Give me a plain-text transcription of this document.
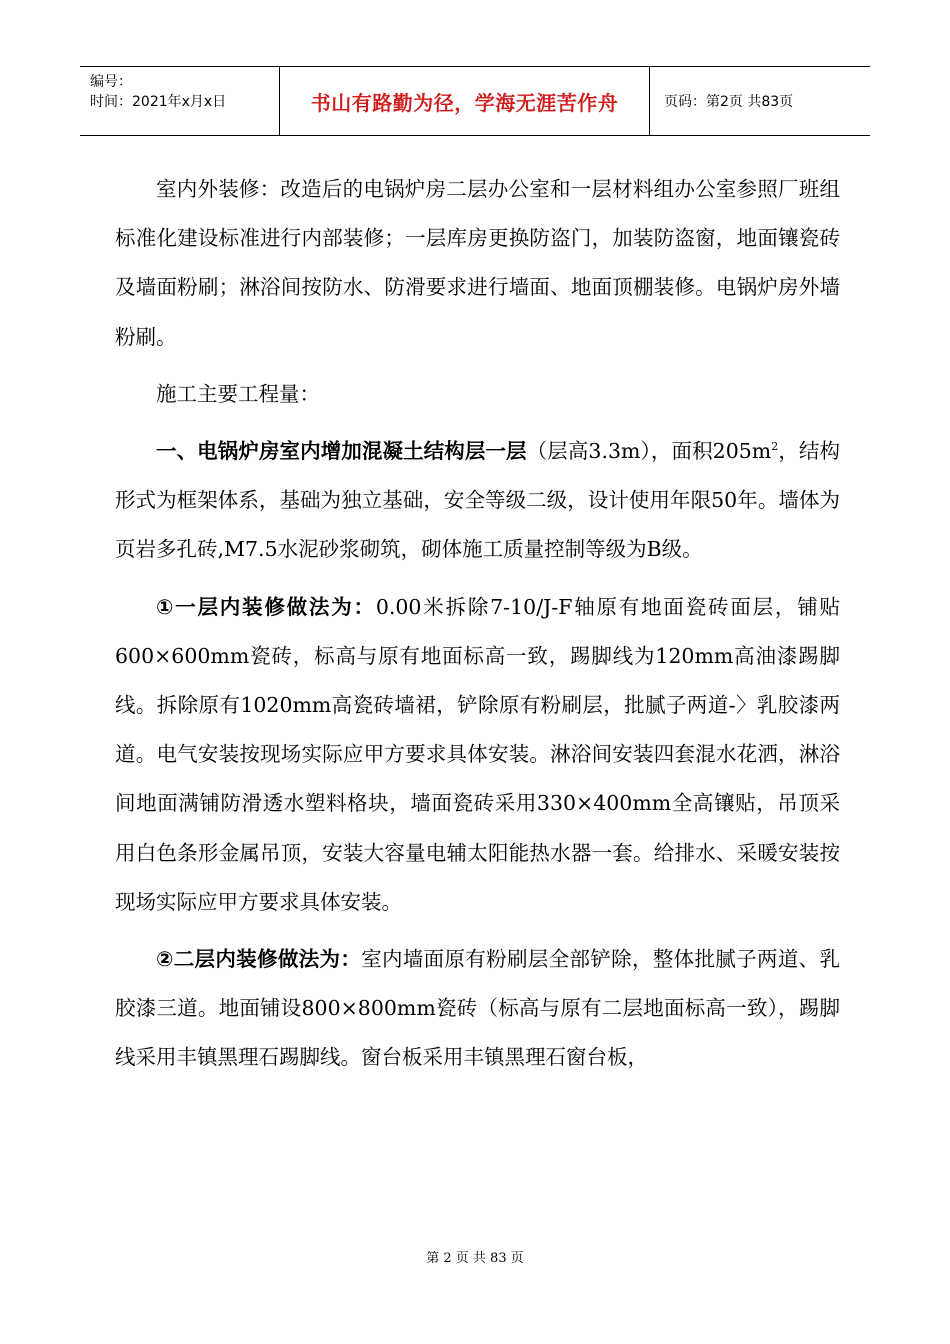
编号：
时间：2021年x月x日	书山有路勤为径，学海无涯苦作舟	页码：第2页 共83页

室内外装修：改造后的电锅炉房二层办公室和一层材料组办公室参照厂班组标准化建设标准进行内部装修；一层库房更换防盗门，加装防盗窗，地面镶瓷砖及墙面粉刷；淋浴间按防水、防滑要求进行墙面、地面顶棚装修。电锅炉房外墙粉刷。

施工主要工程量：

一、电锅炉房室内增加混凝土结构层一层（层高3.3m），面积$205m^2$，结构形式为框架体系，基础为独立基础，安全等级二级，设计使用年限50年。墙体为页岩多孔砖,M7.5水泥砂浆砌筑，砌体施工质量控制等级为B级。

①一层内装修做法为：0.00米拆除7-10/J-F轴原有地面瓷砖面层，铺贴600×600mm瓷砖，标高与原有地面标高一致，踢脚线为120mm高油漆踢脚线。拆除原有1020mm高瓷砖墙裙，铲除原有粉刷层，批腻子两道-〉乳胶漆两道。电气安装按现场实际应甲方要求具体安装。淋浴间安装四套混水花洒，淋浴间地面满铺防滑透水塑料格块，墙面瓷砖采用330×400mm全高镶贴，吊顶采用白色条形金属吊顶，安装大容量电辅太阳能热水器一套。给排水、采暖安装按现场实际应甲方要求具体安装。

②二层内装修做法为：室内墙面原有粉刷层全部铲除，整体批腻子两道、乳胶漆三道。地面铺设800×800mm瓷砖（标高与原有二层地面标高一致），踢脚线采用丰镇黑理石踢脚线。窗台板采用丰镇黑理石窗台板，

第 2 页 共 83 页
